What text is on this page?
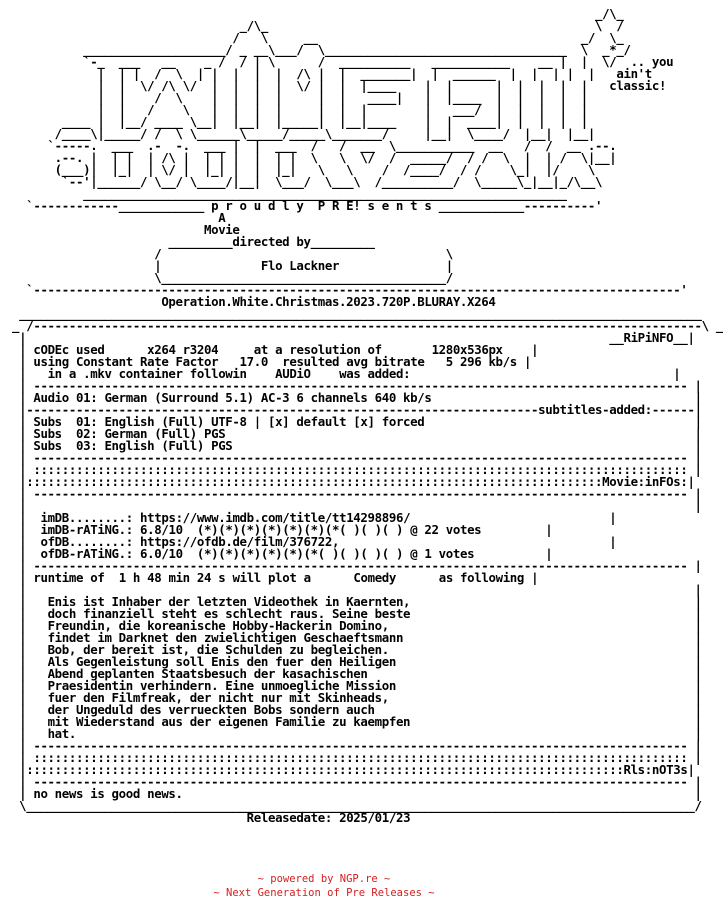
_/\_
_/\_                                              \  /
/   \     __                                     _/  \_
____________________/ _ __\___/  \__________________________________  \  _*_/
`-_  ___   __    _ /  / | \      /  __________   ___________    __ |  |  \/  .. you
|  | |  /  \  | |  |  |  |  /\ |  |  _______|  |  ______  |  |  | |  |   ain't
|  |  \/ /\ \/  |  |  |  |  \/ |  |  |____    |  |      |  |  |  |  |   classic!
|  |    /  \    |  |  |  |     |  |   ____|   |  |____  |  |  |  |  |
|  |   /    \   |  |  |  |     |  |  |        |   ___/  |  |  |  |  |
____ |  |__/ ____ \__|  |__|  |_____|  |__|____    |  |  ____|  |  |  |  |
/____\|_____/ /  \ \______\_____/_____\_______/     |__|  \____/  |__|  |__|
`-----.  ___  .-  -.  ___ |  |  ___  /   /  __  \___________  __   /  /  __ .--.
.--. |  | |  | /\ |  | | |  |  | |  \   \  \/  /  _____/  / /  \  |  | /  \|__|
(___)|  |_|  | \/ |  |_| |  |  |_|   \   \    /  /____/  / /    \_|  |/    \
`--'|______/ \__/ \____/|__|  \___/  \___\  /__________/  \_____\_|__|_/\__\
____________________________________________________________________
`------------____________ p r o u d l y  P R E! s e n t s ____________----------'
A
Movie
_________directed by_________
/                                        \
|	Flo Lackner	|
\________________________________________/
`-------------------------------------------------------------------------------------------'
Operation.White.Christmas.2023.720P.BLURAY.X264
________________________________________________________________________________________________
_ /----------------------------------------------------------------------------------------------\ _
|                                                                                  __RiPiNFO__|
| cODEc used	x264 r3204	at a resolution of	1280x536px    |
| using Constant Rate Factor 17.0 resulted avg bitrate 5 296 kb/s |
|   in a .mkv container followin AUDiO was added:	|
| -------------------------------------------------------------------------------------------- |
| Audio 01: German (Surround 5.1) AC-3 6 channels 640 kb/s	|
|------------------------------------------------------------------------subtitles-added:------|
| Subs  01: English (Full) UTF-8 | [x] default [x] forced	|
| Subs  02: German (Full) PGS	|
| Subs  03: English (Full) PGS	|
| -------------------------------------------------------------------------------------------- |
| :::::::::::::::::::::::::::::::::::::::::::::::::::::::::::::::::::::::::::::::::::::::::::: |
|:::::::::::::::::::::::::::::::::::::::::::::::::::::::::::::::::::::::::::::::::Movie:inFOs:|
| -------------------------------------------------------------------------------------------- |
|                                                                                              |
|  imDB........: https://www.imdb.com/title/tt14298896/	|
|  imDB-rATiNG.: 6.8/10  (*)(*)(*)(*)(*)(*)(*( )( )( ) @ 22 votes	|
|  ofDB........: https://ofdb.de/film/376722,	|
|  ofDB-rATiNG.: 6.0/10  (*)(*)(*)(*)(*)(*( )( )( )( ) @ 1 votes	|
| -------------------------------------------------------------------------------------------- |
| runtime of 1 h 48 min 24 s will plot a	Comedy	as following |
|                                                                                              |
|   Enis ist Inhaber der letzten Videothek in Kaernten,	|
|   doch finanziell steht es schlecht raus. Seine beste	|
|   Freundin, die koreanische Hobby-Hackerin Domino,	|
|   findet im Darknet den zwielichtigen Geschaeftsmann	|
|   Bob, der bereit ist, die Schulden zu begleichen.	|
|   Als Gegenleistung soll Enis den fuer den Heiligen	|
|   Abend geplanten Staatsbesuch der kasachischen	|
|   Praesidentin verhindern. Eine unmoegliche Mission	|
|   fuer den Filmfreak, der nicht nur mit Skinheads,	|
|   der Ungeduld des verrueckten Bobs sondern auch	|
|   mit Wiederstand aus der eigenen Familie zu kaempfen	|
|   hat.	|
| -------------------------------------------------------------------------------------------- |
| :::::::::::::::::::::::::::::::::::::::::::::::::::::::::::::::::::::::::::::::::::::::::::: |
|::::::::::::::::::::::::::::::::::::::::::::::::::::::::::::::::::::::::::::::::::::Rls:nOT3s|
| -------------------------------------------------------------------------------------------- |
| no news is good news.	|
\______________________________________________________________________________________________/
Releasedate: 2025/01/23
~ powered by NGP.re ~
~ Next Generation of Pre Releases ~
